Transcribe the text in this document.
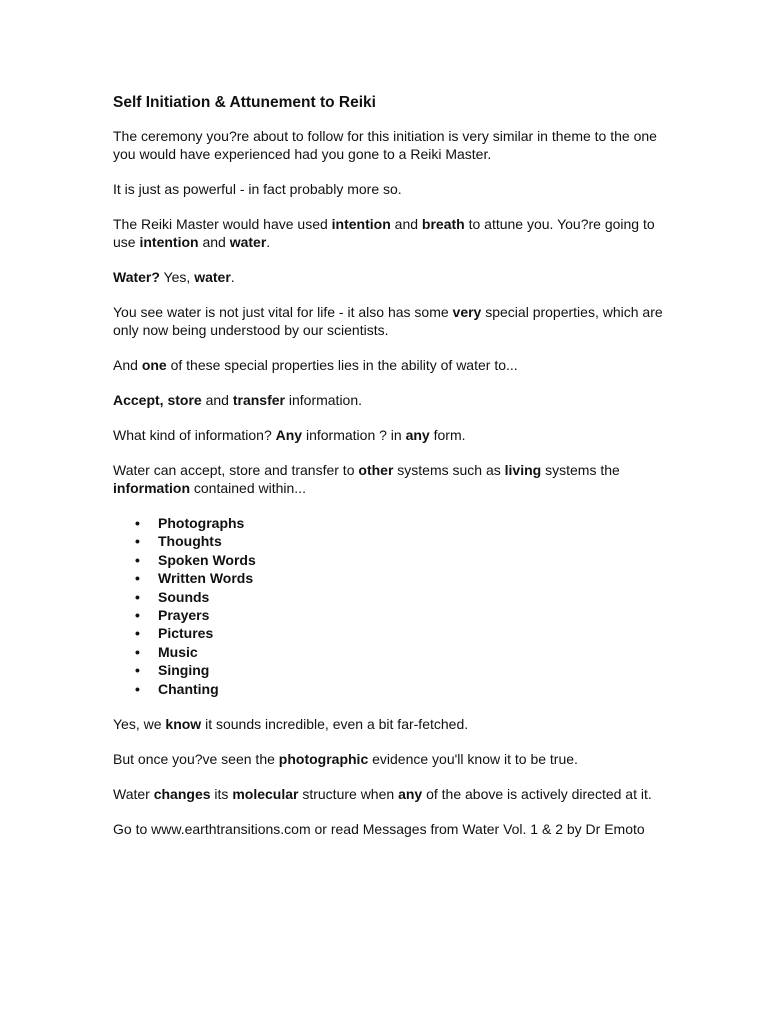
Self Initiation & Attunement to Reiki

The ceremony you?re about to follow for this initiation is very similar in theme to the one you would have experienced had you gone to a Reiki Master.

It is just as powerful - in fact probably more so.

The Reiki Master would have used intention and breath to attune you. You?re going to use intention and water.

Water? Yes, water.

You see water is not just vital for life - it also has some very special properties, which are only now being understood by our scientists.

And one of these special properties lies in the ability of water to...

Accept, store and transfer information.

What kind of information? Any information ? in any form.

Water can accept, store and transfer to other systems such as living systems the information contained within...

• Photographs
• Thoughts
• Spoken Words
• Written Words
• Sounds
• Prayers
• Pictures
• Music
• Singing
• Chanting

Yes, we know it sounds incredible, even a bit far-fetched.

But once you?ve seen the photographic evidence you'll know it to be true.

Water changes its molecular structure when any of the above is actively directed at it.

Go to www.earthtransitions.com or read Messages from Water Vol. 1 & 2 by Dr Emoto
